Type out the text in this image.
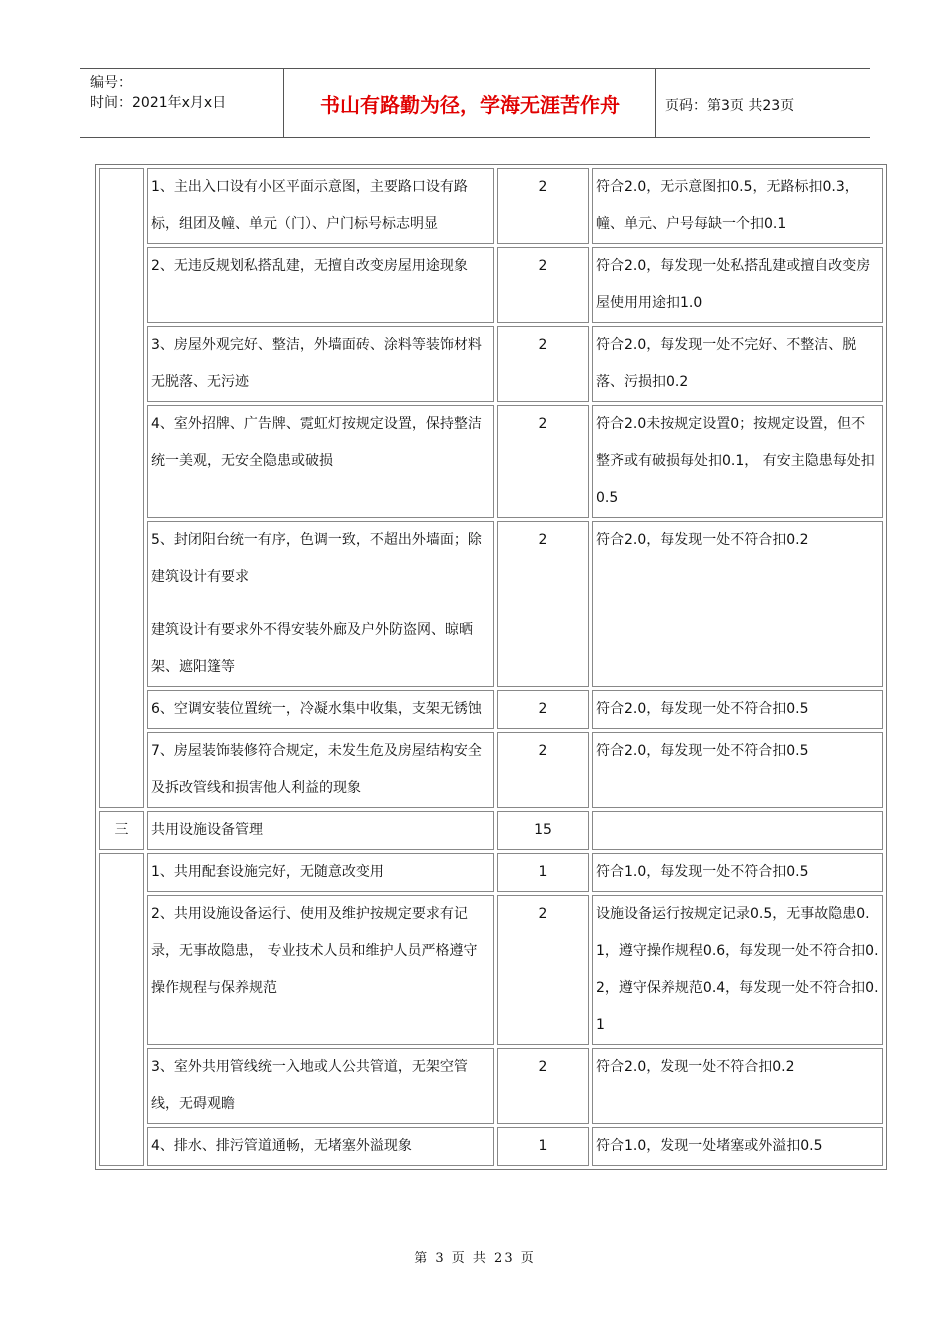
编号：
时间：2021年x月x日	书山有路勤为径，学海无涯苦作舟	页码：第3页 共23页
	1、主出入口设有小区平面示意图，主要路口设有路标，组团及幢、单元（门）、户门标号标志明显	2	符合2.0，无示意图扣0.5，无路标扣0.3，幢、单元、户号每缺一个扣0.1
	2、无违反规划私搭乱建，无擅自改变房屋用途现象	2	符合2.0，每发现一处私搭乱建或擅自改变房屋使用用途扣1.0
	3、房屋外观完好、整洁，外墙面砖、涂料等装饰材料无脱落、无污迹	2	符合2.0，每发现一处不完好、不整洁、脱落、污损扣0.2
	4、室外招牌、广告牌、霓虹灯按规定设置，保持整洁统一美观，无安全隐患或破损	2	符合2.0未按规定设置0；按规定设置，但不整齐或有破损每处扣0.1， 有安主隐患每处扣0.5

	5、封闭阳台统一有序，色调一致，不超出外墙面；除建筑设计有要求
建筑设计有要求外不得安装外廊及户外防盗网、晾晒架、遮阳篷等	2	符合2.0，每发现一处不符合扣0.2
	6、空调安装位置统一，冷凝水集中收集，支架无锈蚀	2	符合2.0，每发现一处不符合扣0.5
	7、房屋装饰装修符合规定，未发生危及房屋结构安全及拆改管线和损害他人利益的现象	2	符合2.0，每发现一处不符合扣0.5
三	共用设施设备管理	15	
	1、共用配套设施完好，无随意改变用	1	符合1.0，每发现一处不符合扣0.5
	2、共用设施设备运行、使用及维护按规定要求有记录，无事故隐患， 专业技术人员和维护人员严格遵守操作规程与保养规范	2	设施设备运行按规定记录0.5，无事故隐患0.1，遵守操作规程0.6，每发现一处不符合扣0.2，遵守保养规范0.4，每发现一处不符合扣0.1
	3、室外共用管线统一入地或人公共管道，无架空管线，无碍观瞻	2	符合2.0，发现一处不符合扣0.2
	4、排水、排污管道通畅，无堵塞外溢现象	1	符合1.0，发现一处堵塞或外溢扣0.5
第 3 页 共 23 页
